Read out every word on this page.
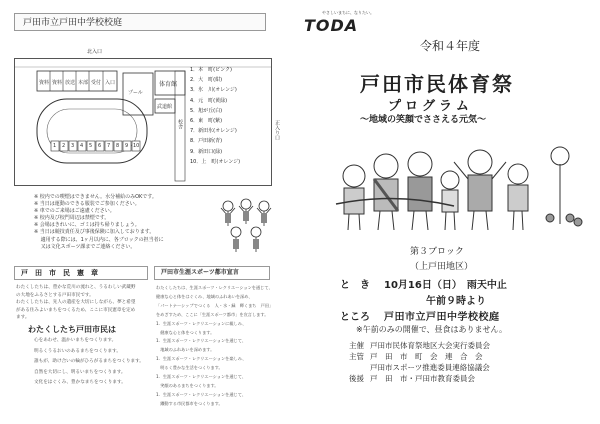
戸田市立戸田中学校校庭
北入口
資料 資料 放送 本部 受付 入口
プール
体育館
武道館
校舎
1 2 3 4 5 6 7 8 9 10
正入り口
1．本　町(ピンク)
2．大　町(紺)
3．氷　川(オレンジ)
4．元　町(黄緑)
5．旭が丘(白)
6．東　町(紫)
7．新田氷(オレンジ)
8．戸田新(青)
9．新田口(緑)
10．上　町(オレンジ)
※ 校内での喫煙はできません。水分補給のみOKです。
※ 当日は運動のできる服装でご参加ください。
※ 車でのご来場はご遠慮ください。
※ 校内及び校門周辺は禁煙です。
※ 会場はきれいに、ゴミは持ち帰りましょう。
※ 当日は競技責任及び事後保険に加入しております。
　 適用する際には、1ヶ月以内に、各ブロックの担当者に
　 又は文化スポーツ課までご連絡ください。
戸　田　市　民　憲　章
わたくしたちは、豊かな荒川の流れと、うるわしい武蔵野
の大地をふるさとする戸田市民です。
わたくしたちは、先人の遺産を大切にしながら、夢と希望
がある住みよいまちをつくるため、ここに市民憲章を定め
ます。
わたくしたち戸田市民は
心をあわせ、温かいまちをつくります。
明るくうるおいのあるまちをつくります。
誰もが、助け合いの輪がひろがるまちをつくります。
自然を大切にし、明るいまちをつくります。
文化をはぐくみ、豊かなまちをつくります。
戸田市生涯スポーツ都市宣言
わたくしたちは、生涯スポーツ・レクリエーションを通じて、
健康な心と体をはぐくみ、地域のふれあいを深め、
「パートナーシップでつくる　人・水・緑　輝くまち　戸田」
をめざすため、ここに「生涯スポーツ都市」を宣言します。
1．生涯スポーツ・レクリエーションに親しみ、
　健康な心と体をつくります。
1．生涯スポーツ・レクリエーションを通じて、
　地域のふれあいを深めます。
1．生涯スポーツ・レクリエーションを楽しみ、
　明るく豊かな生活をつくります。
1．生涯スポーツ・レクリエーションを通じて、
　笑顔のあるまちをつくります。
1．生涯スポーツ・レクリエーションを通じて、
　躍動する市民都市をつくります。
やさしいまちに、なりたい。
TODA
令和４年度
戸田市民体育祭
プログラム
～地域の笑顔でささえる元気～
第３ブロック
（上戸田地区）
と　き 10月16日（日）　雨天中止
午前９時より
ところ 戸田市立戸田中学校校庭
※午前のみの開催で、昼食はありません。
主催	戸田市民体育祭地区大会実行委員会
主管	戸　田　市　町　会　連　合　会
	戸田市スポーツ推進委員連絡協議会
後援	戸　田　市・戸田市教育委員会
